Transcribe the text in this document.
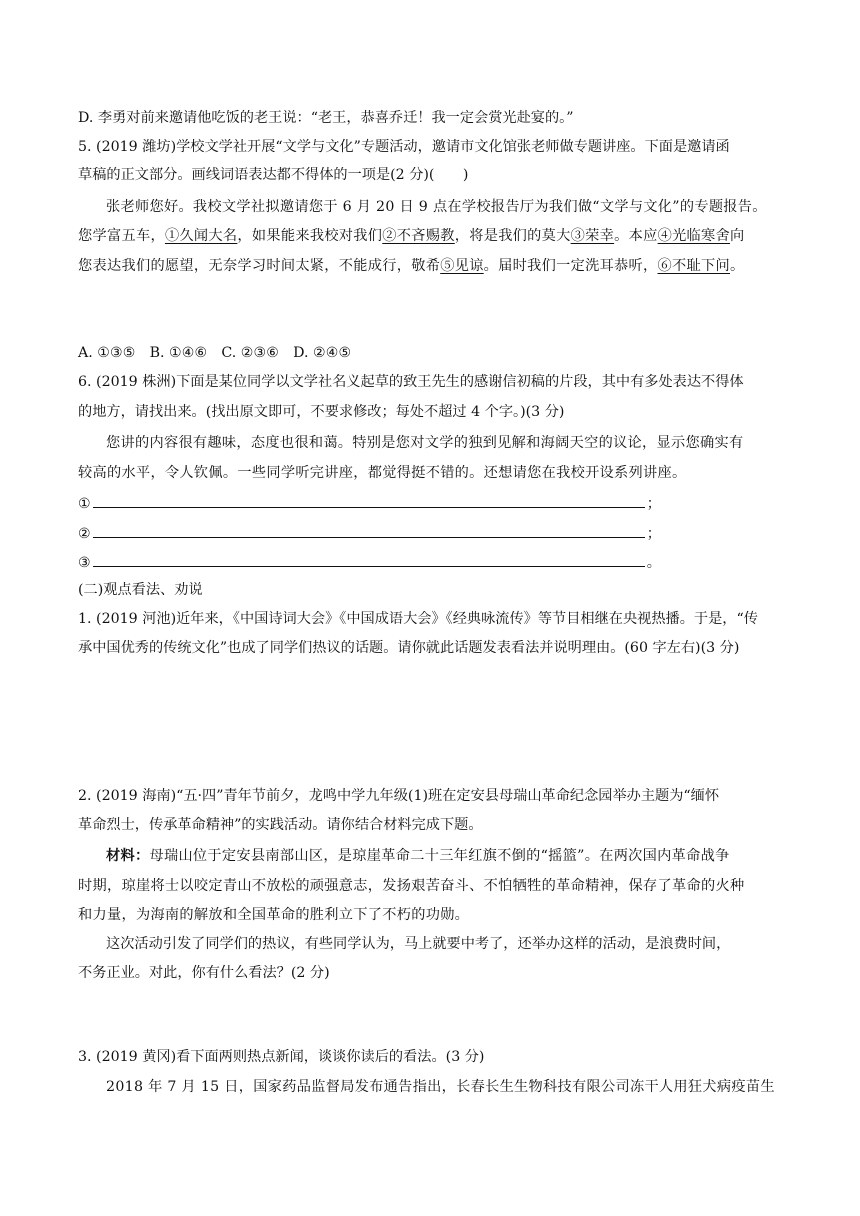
D. 李勇对前来邀请他吃饭的老王说：“老王，恭喜乔迁！我一定会赏光赴宴的。”
5. (2019 潍坊)学校文学社开展“文学与文化”专题活动，邀请市文化馆张老师做专题讲座。下面是邀请函
草稿的正文部分。画线词语表达都不得体的一项是(2 分)(　　)
张老师您好。我校文学社拟邀请您于 6 月 20 日 9 点在学校报告厅为我们做“文学与文化”的专题报告。
您学富五车，①久闻大名，如果能来我校对我们②不吝赐教，将是我们的莫大③荣幸。本应④光临寒舍向
您表达我们的愿望，无奈学习时间太紧，不能成行，敬希⑤见谅。届时我们一定洗耳恭听，⑥不耻下问。
A. ①③⑤　B. ①④⑥　C. ②③⑥　D. ②④⑤
6. (2019 株洲)下面是某位同学以文学社名义起草的致王先生的感谢信初稿的片段，其中有多处表达不得体
的地方，请找出来。(找出原文即可，不要求修改；每处不超过 4 个字。)(3 分)
您讲的内容很有趣味，态度也很和蔼。特别是您对文学的独到见解和海阔天空的议论，显示您确实有
较高的水平，令人钦佩。一些同学听完讲座，都觉得挺不错的。还想请您在我校开设系列讲座。
①	；
②	；
③	。
(二)观点看法、劝说
1. (2019 河池)近年来，《中国诗词大会》《中国成语大会》《经典咏流传》等节目相继在央视热播。于是，“传
承中国优秀的传统文化”也成了同学们热议的话题。请你就此话题发表看法并说明理由。(60 字左右)(3 分)
2. (2019 海南)“五·四”青年节前夕，龙鸣中学九年级(1)班在定安县母瑞山革命纪念园举办主题为“缅怀
革命烈士，传承革命精神”的实践活动。请你结合材料完成下题。
材料：母瑞山位于定安县南部山区，是琼崖革命二十三年红旗不倒的“摇篮”。在两次国内革命战争
时期，琼崖将士以咬定青山不放松的顽强意志，发扬艰苦奋斗、不怕牺牲的革命精神，保存了革命的火种
和力量，为海南的解放和全国革命的胜利立下了不朽的功勋。
这次活动引发了同学们的热议，有些同学认为，马上就要中考了，还举办这样的活动，是浪费时间，
不务正业。对此，你有什么看法？(2 分)
3. (2019 黄冈)看下面两则热点新闻，谈谈你读后的看法。(3 分)
2018 年 7 月 15 日，国家药品监督局发布通告指出，长春长生生物科技有限公司冻干人用狂犬病疫苗生
